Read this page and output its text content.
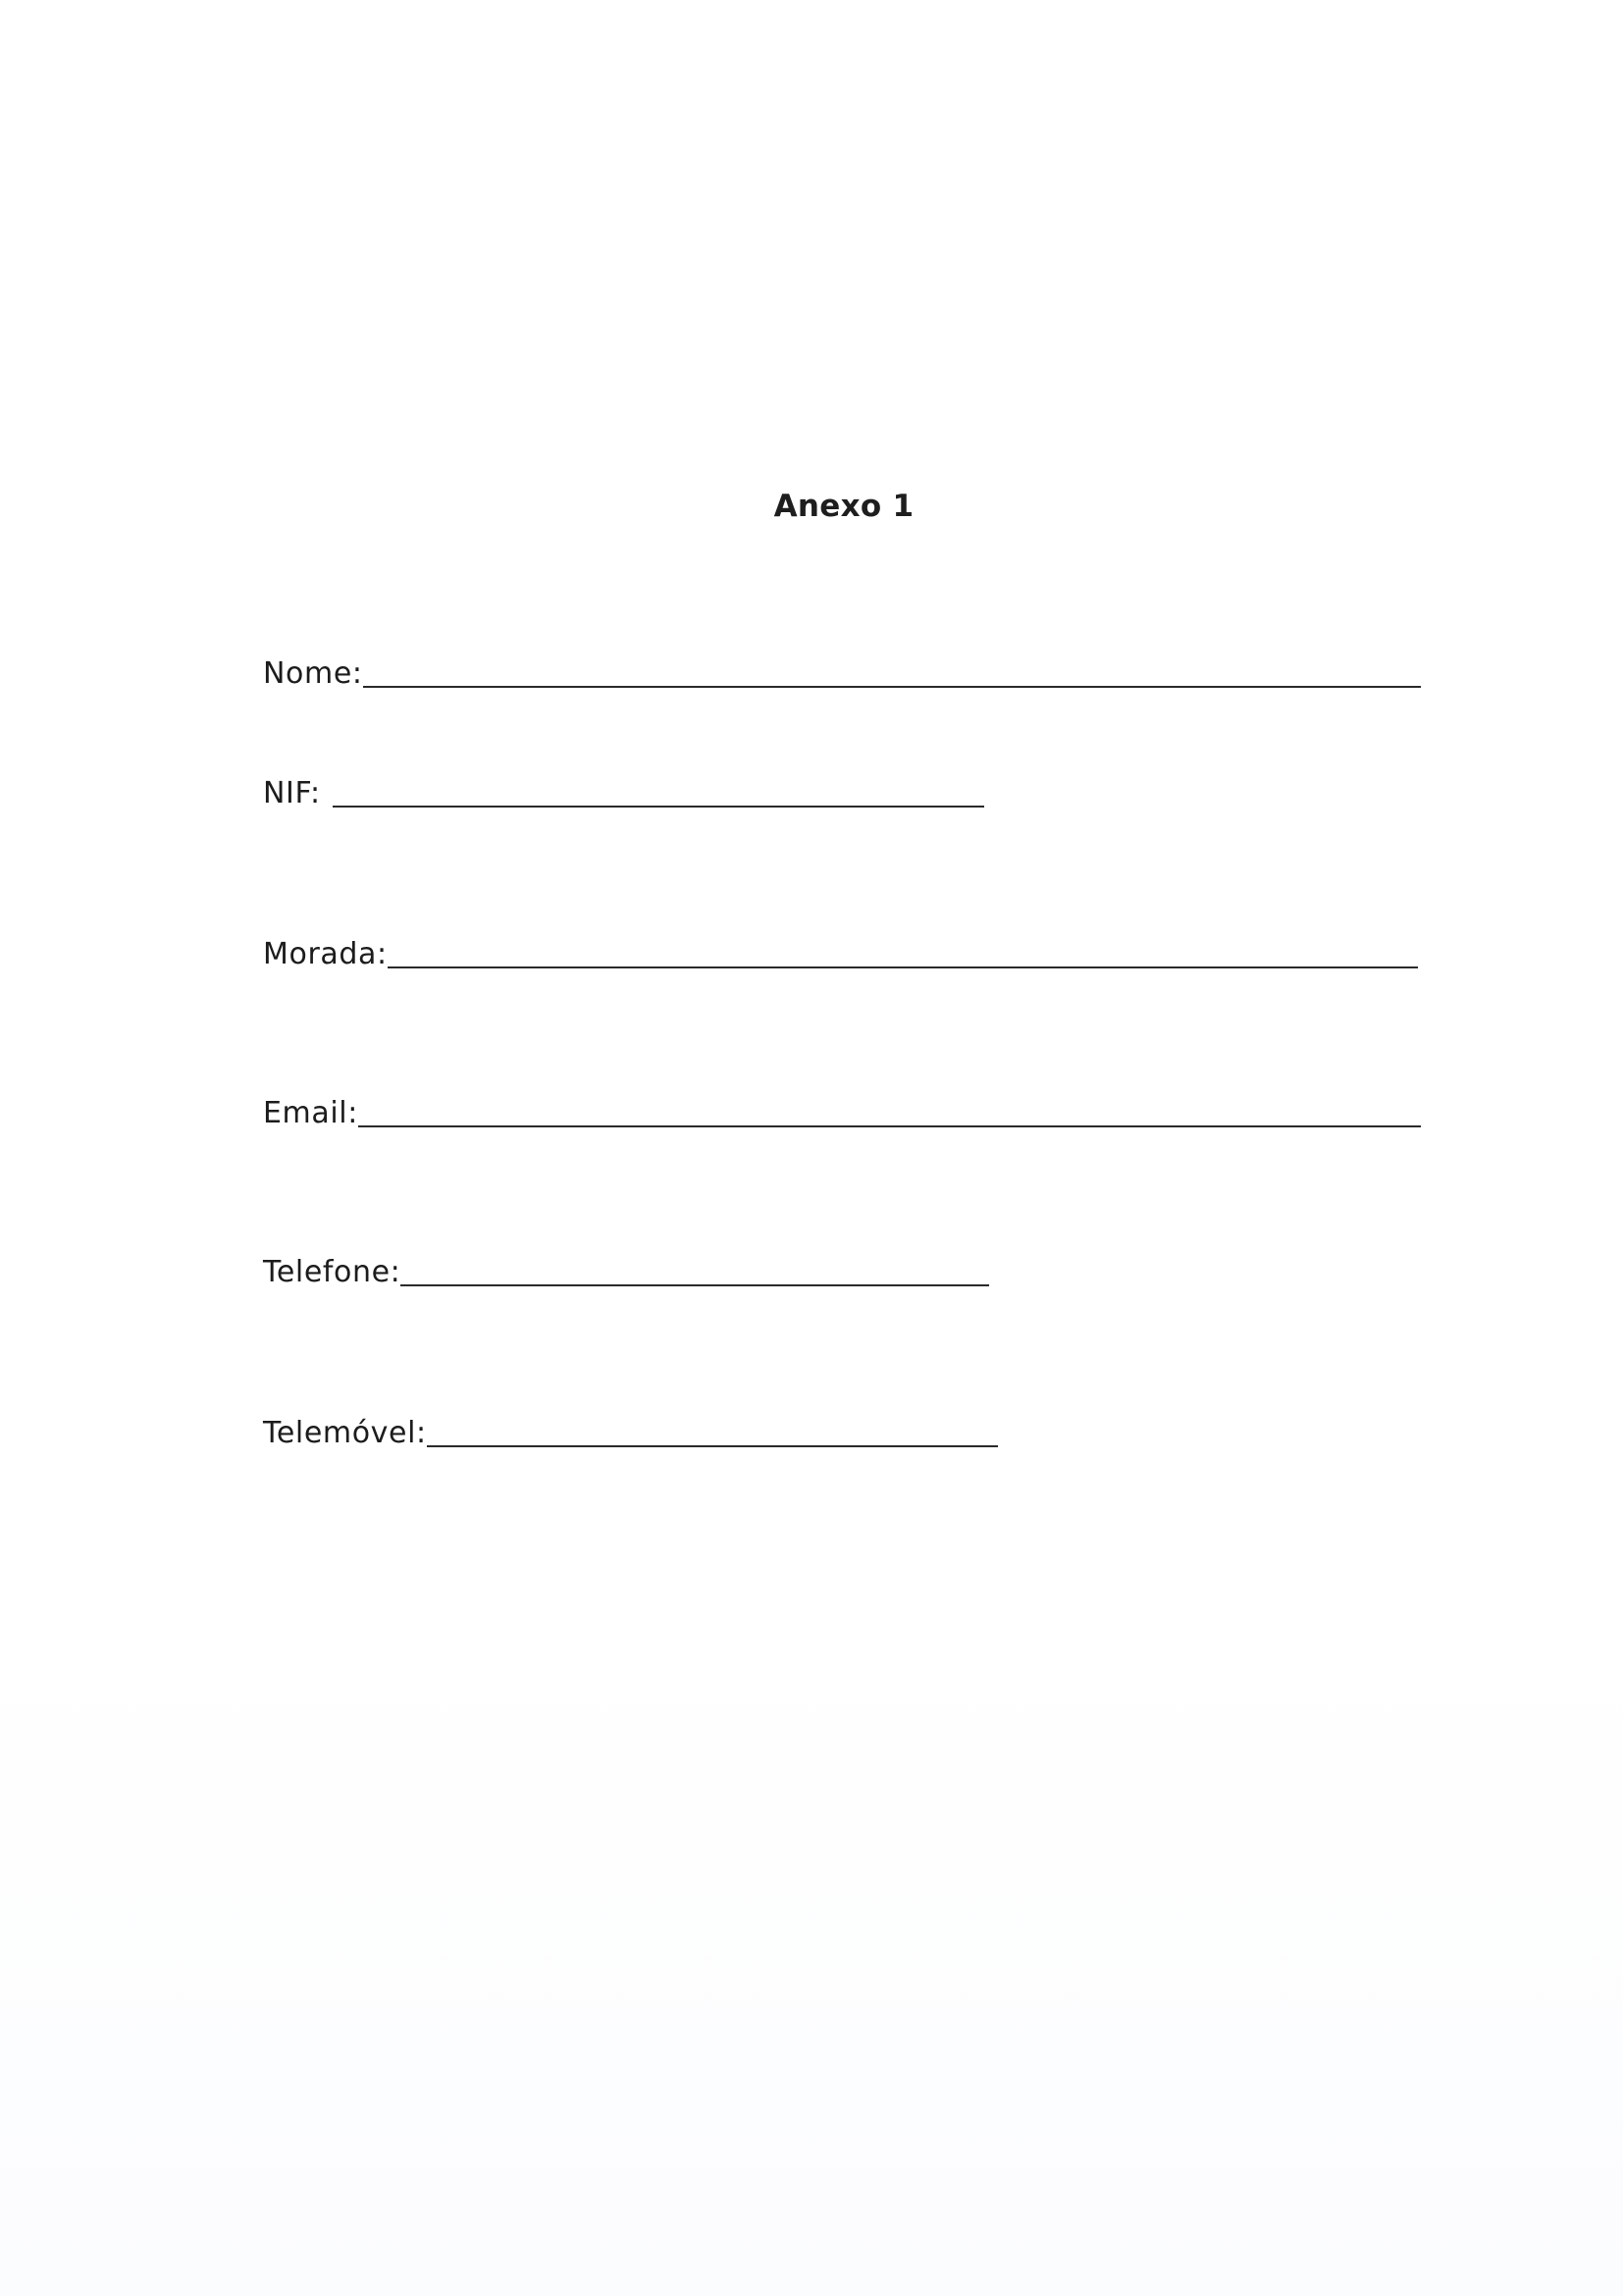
Anexo 1
Nome:
NIF:
Morada:
Email:
Telefone:
Telemóvel:
